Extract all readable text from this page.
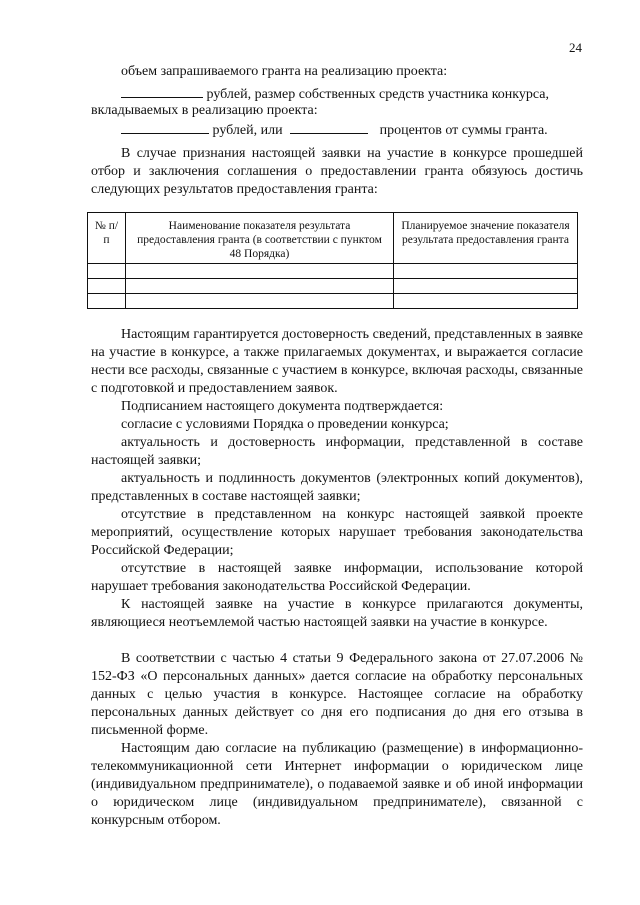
24
объем запрашиваемого гранта на реализацию проекта:
рублей, размер собственных средств участника конкурса,
вкладываемых в реализацию проекта:
рублей, или	процентов от суммы гранта.

В случае признания настоящей заявки на участие в конкурсе прошедшей отбор и заключения соглашения о предоставлении гранта обязуюсь достичь следующих результатов предоставления гранта:

№ п/п	Наименование показателя результата предоставления гранта (в соответствии с пунктом 48 Порядка)	Планируемое значение показателя результата предоставления гранта

Настоящим гарантируется достоверность сведений, представленных в заявке на участие в конкурсе, а также прилагаемых документах, и выражается согласие нести все расходы, связанные с участием в конкурсе, включая расходы, связанные с подготовкой и предоставлением заявок.

Подписанием настоящего документа подтверждается:

согласие с условиями Порядка о проведении конкурса;

актуальность и достоверность информации, представленной в составе настоящей заявки;

актуальность и подлинность документов (электронных копий документов), представленных в составе настоящей заявки;

отсутствие в представленном на конкурс настоящей заявкой проекте мероприятий, осуществление которых нарушает требования законодательства Российской Федерации;

отсутствие в настоящей заявке информации, использование которой нарушает требования законодательства Российской Федерации.

К настоящей заявке на участие в конкурсе прилагаются документы, являющиеся неотъемлемой частью настоящей заявки на участие в конкурсе.

В соответствии с частью 4 статьи 9 Федерального закона от 27.07.2006 № 152-ФЗ «О персональных данных» дается согласие на обработку персональных данных с целью участия в конкурсе. Настоящее согласие на обработку персональных данных действует со дня его подписания до дня его отзыва в письменной форме.

Настоящим даю согласие на публикацию (размещение) в информационно-телекоммуникационной сети Интернет информации о юридическом лице (индивидуальном предпринимателе), о подаваемой заявке и об иной информации о юридическом лице (индивидуальном предпринимателе), связанной с конкурсным отбором.
